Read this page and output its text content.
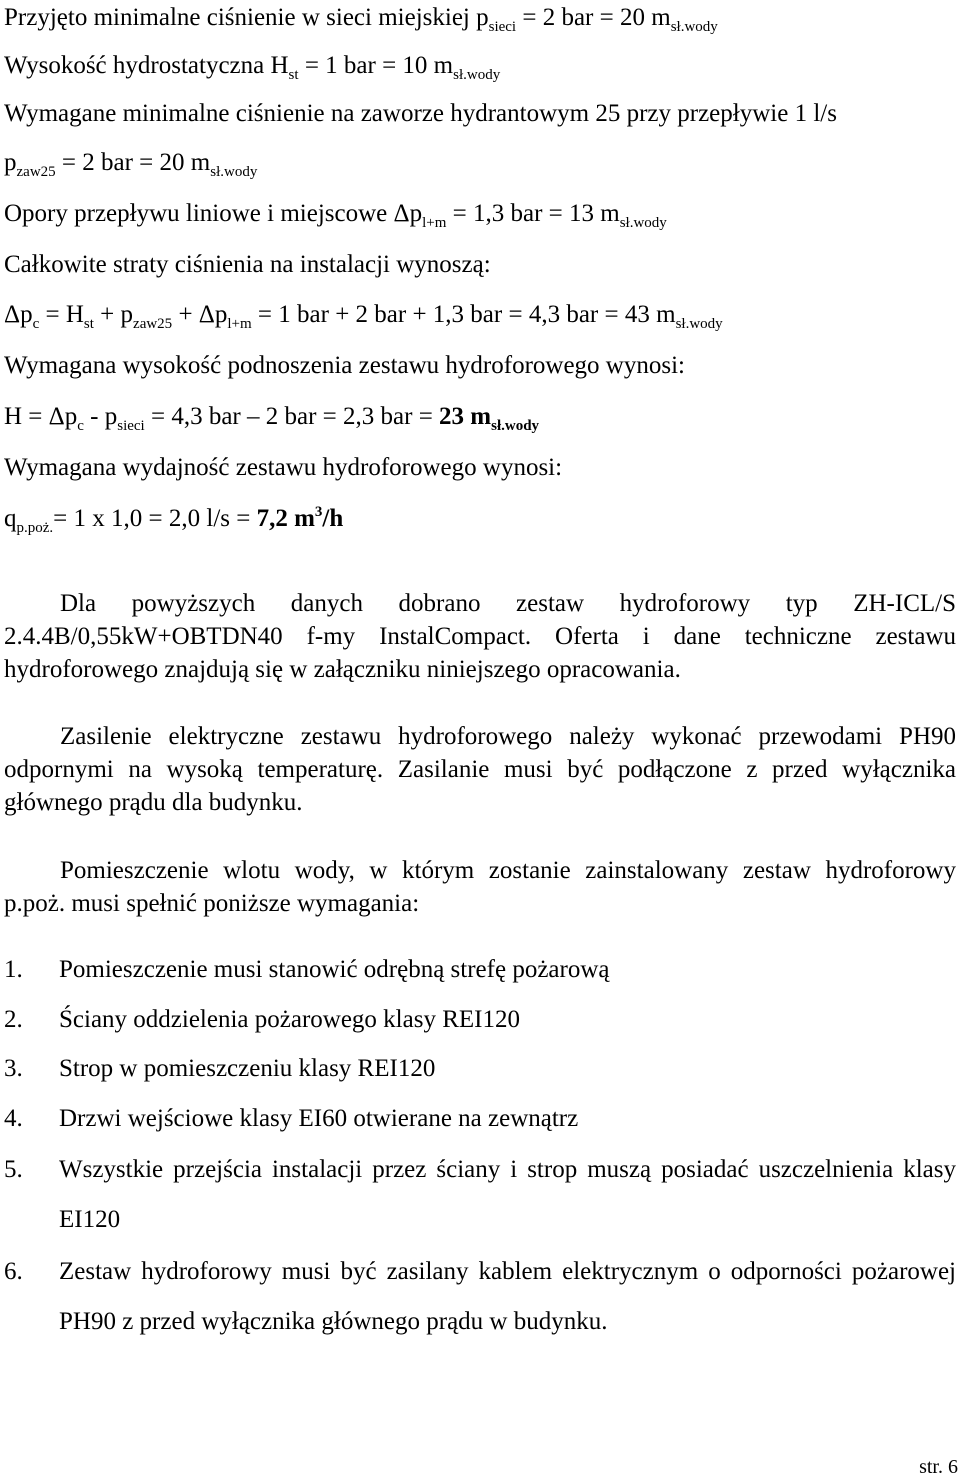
Przyjęto minimalne ciśnienie w sieci miejskiej $p_{sieci} = 2$ bar = 20 $m_{sł.wody}$
Wysokość hydrostatyczna $H_{st} = 1$ bar = 10 $m_{sł.wody}$
Wymagane minimalne ciśnienie na zaworze hydrantowym 25 przy przepływie 1 l/s
$p_{zaw25} = 2$ bar = 20 $m_{sł.wody}$
Opory przepływu liniowe i miejscowe $\Delta p_{l+m} = 1,3$ bar = 13 $m_{sł.wody}$
Całkowite straty ciśnienia na instalacji wynoszą:
$\Delta p_c = H_{st} + p_{zaw25} + \Delta p_{l+m} = 1$ bar + 2 bar + 1,3 bar = 4,3 bar = 43 $m_{sł.wody}$
Wymagana wysokość podnoszenia zestawu hydroforowego wynosi:
$H = \Delta p_c - p_{sieci} = 4,3$ bar – 2 bar = 2,3 bar = 23 $m_{sł.wody}$
Wymagana wydajność zestawu hydroforowego wynosi:
$q_{p.poż.}= 1$ x 1,0 = 2,0 l/s = 7,2 $m^3/h$
Dla powyższych danych dobrano zestaw hydroforowy typ ZH-ICL/S 2.4.4B/0,55kW+OBTDN40 f-my InstalCompact. Oferta i dane techniczne zestawu hydroforowego znajdują się w załączniku niniejszego opracowania.
Zasilenie elektryczne zestawu hydroforowego należy wykonać przewodami PH90 odpornymi na wysoką temperaturę. Zasilanie musi być podłączone z przed wyłącznika głównego prądu dla budynku.
Pomieszczenie wlotu wody, w którym zostanie zainstalowany zestaw hydroforowy p.poż. musi spełnić poniższe wymagania:
1.	Pomieszczenie musi stanowić odrębną strefę pożarową
2.	Ściany oddzielenia pożarowego klasy REI120
3.	Strop w pomieszczeniu klasy REI120
4.	Drzwi wejściowe klasy EI60 otwierane na zewnątrz
5.	Wszystkie przejścia instalacji przez ściany i strop muszą posiadać uszczelnienia klasy EI120
6.	Zestaw hydroforowy musi być zasilany kablem elektrycznym o odporności pożarowej PH90 z przed wyłącznika głównego prądu w budynku.
str. 6
